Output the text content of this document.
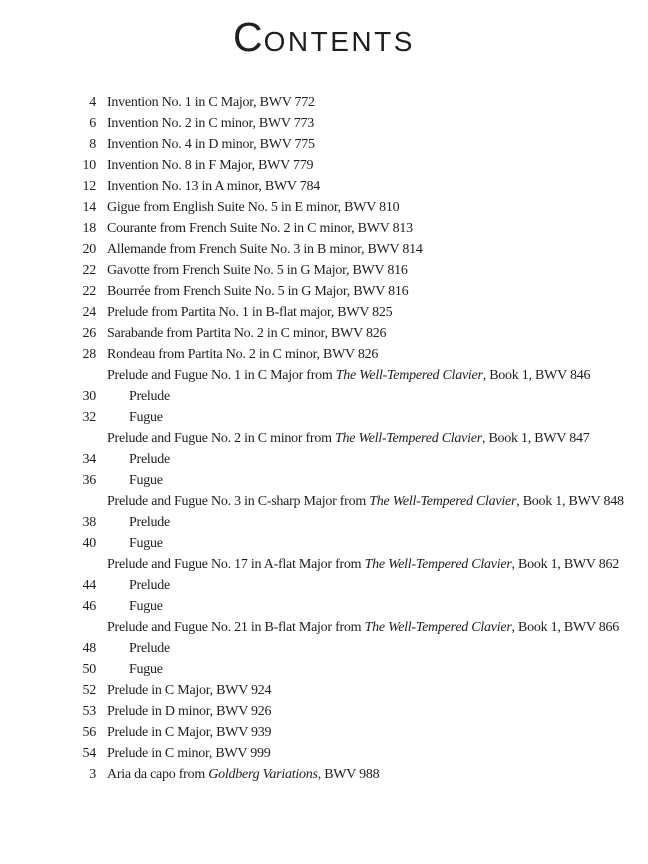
CONTENTS
4 Invention No. 1 in C Major, BWV 772
6 Invention No. 2 in C minor, BWV 773
8 Invention No. 4 in D minor, BWV 775
10 Invention No. 8 in F Major, BWV 779
12 Invention No. 13 in A minor, BWV 784
14 Gigue from English Suite No. 5 in E minor, BWV 810
18 Courante from French Suite No. 2 in C minor, BWV 813
20 Allemande from French Suite No. 3 in B minor, BWV 814
22 Gavotte from French Suite No. 5 in G Major, BWV 816
22 Bourrée from French Suite No. 5 in G Major, BWV 816
24 Prelude from Partita No. 1 in B-flat major, BWV 825
26 Sarabande from Partita No. 2 in C minor, BWV 826
28 Rondeau from Partita No. 2 in C minor, BWV 826
Prelude and Fugue No. 1 in C Major from The Well-Tempered Clavier, Book 1, BWV 846
30 Prelude
32 Fugue
Prelude and Fugue No. 2 in C minor from The Well-Tempered Clavier, Book 1, BWV 847
34 Prelude
36 Fugue
Prelude and Fugue No. 3 in C-sharp Major from The Well-Tempered Clavier, Book 1, BWV 848
38 Prelude
40 Fugue
Prelude and Fugue No. 17 in A-flat Major from The Well-Tempered Clavier, Book 1, BWV 862
44 Prelude
46 Fugue
Prelude and Fugue No. 21 in B-flat Major from The Well-Tempered Clavier, Book 1, BWV 866
48 Prelude
50 Fugue
52 Prelude in C Major, BWV 924
53 Prelude in D minor, BWV 926
56 Prelude in C Major, BWV 939
54 Prelude in C minor, BWV 999
3 Aria da capo from Goldberg Variations, BWV 988
